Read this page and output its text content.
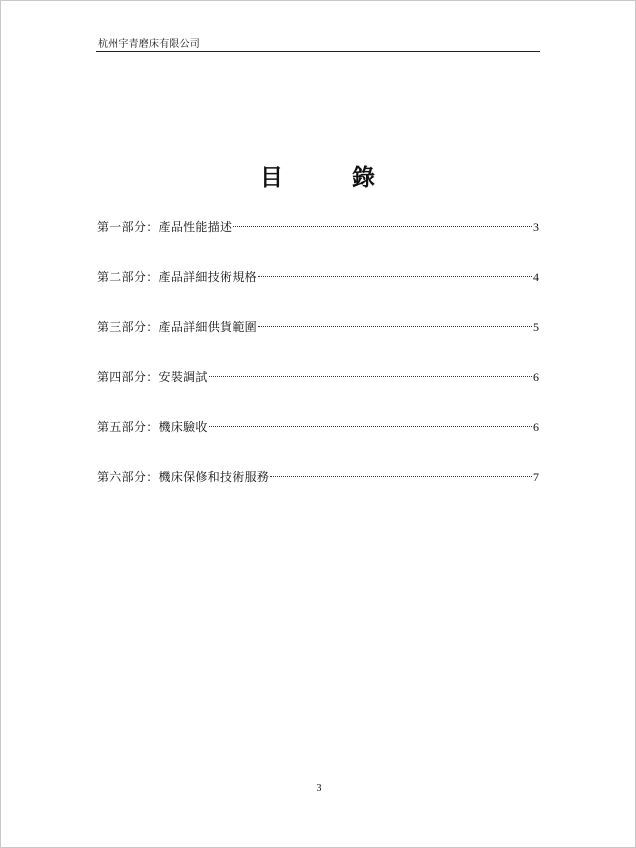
杭州宇青磨床有限公司
目	錄
第一部分：產品性能描述	3
第二部分：產品詳細技術規格	4
第三部分：產品詳細供貨範圍	5
第四部分：安裝調試	6
第五部分：機床驗收	6
第六部分：機床保修和技術服務	7
3
